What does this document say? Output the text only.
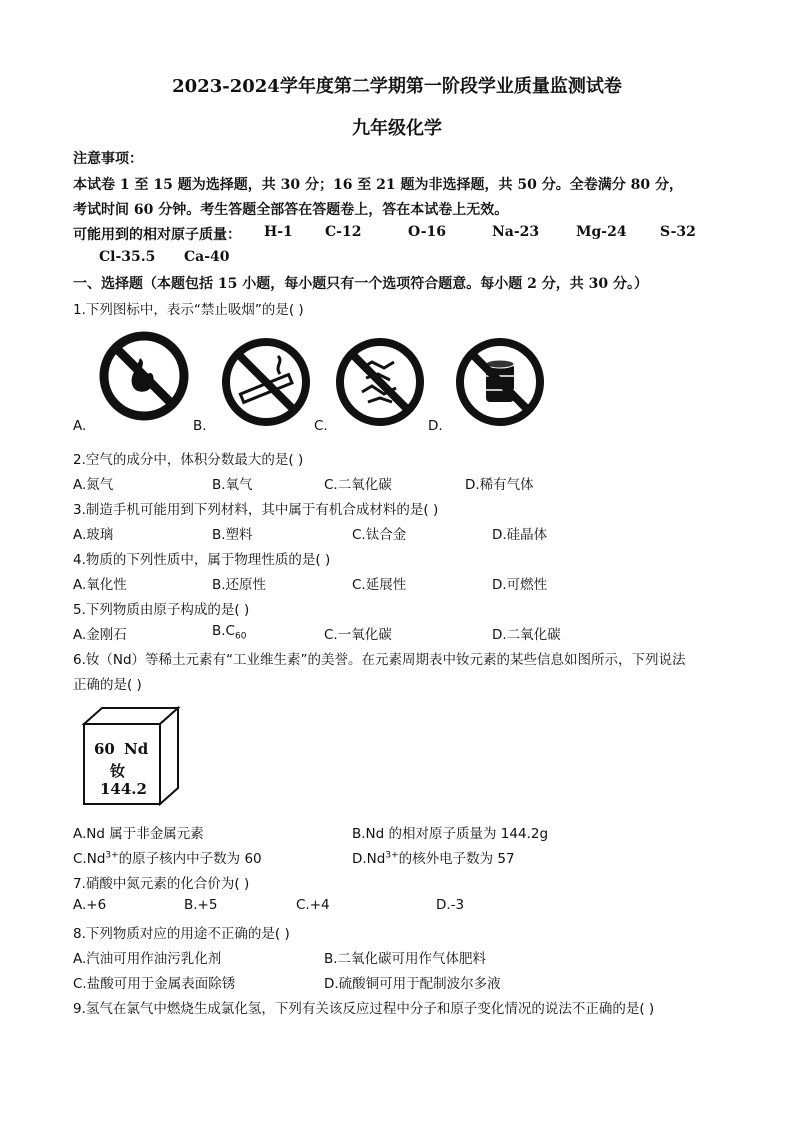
2023-2024学年度第二学期第一阶段学业质量监测试卷
九年级化学
注意事项：
本试卷 1 至 15 题为选择题，共 30 分；16 至 21 题为非选择题，共 50 分。全卷满分 80 分，
考试时间 60 分钟。考生答题全部答在答题卷上，答在本试卷上无效。
可能用到的相对原子质量： H-1 C-12	O-16	Na-23	Mg-24 S-32
Cl-35.5 Ca-40
一、选择题（本题包括 15 小题，每小题只有一个选项符合题意。每小题 2 分，共 30 分。）
1.下列图标中，表示“禁止吸烟”的是( )
A.	B.	C.	D.
2.空气的成分中，体积分数最大的是( )
A.氮气	B.氧气	C.二氧化碳	D.稀有气体
3.制造手机可能用到下列材料，其中属于有机合成材料的是( )
A.玻璃	B.塑料	C.钛合金	D.硅晶体
4.物质的下列性质中，属于物理性质的是( )
A.氧化性	B.还原性	C.延展性	D.可燃性
5.下列物质由原子构成的是( )
A.金刚石	$B.C_{60}$	C.一氧化碳	D.二氧化碳
6.钕（Nd）等稀土元素有“工业维生素”的美誉。在元素周期表中钕元素的某些信息如图所示，下列说法
正确的是( )
60 Nd
钕
144.2
A.Nd 属于非金属元素	B.Nd 的相对原子质量为 144.2g
$C.Nd^{3+}$的原子核内中子数为 60	$D.Nd^{3+}$的核外电子数为 57
7.硝酸中氮元素的化合价为( )
A.+6	B.+5	C.+4	D.-3
8.下列物质对应的用途不正确的是( )
A.汽油可用作油污乳化剂	B.二氧化碳可用作气体肥料
C.盐酸可用于金属表面除锈	D.硫酸铜可用于配制波尔多液
9.氢气在氯气中燃烧生成氯化氢，下列有关该反应过程中分子和原子变化情况的说法不正确的是( )
